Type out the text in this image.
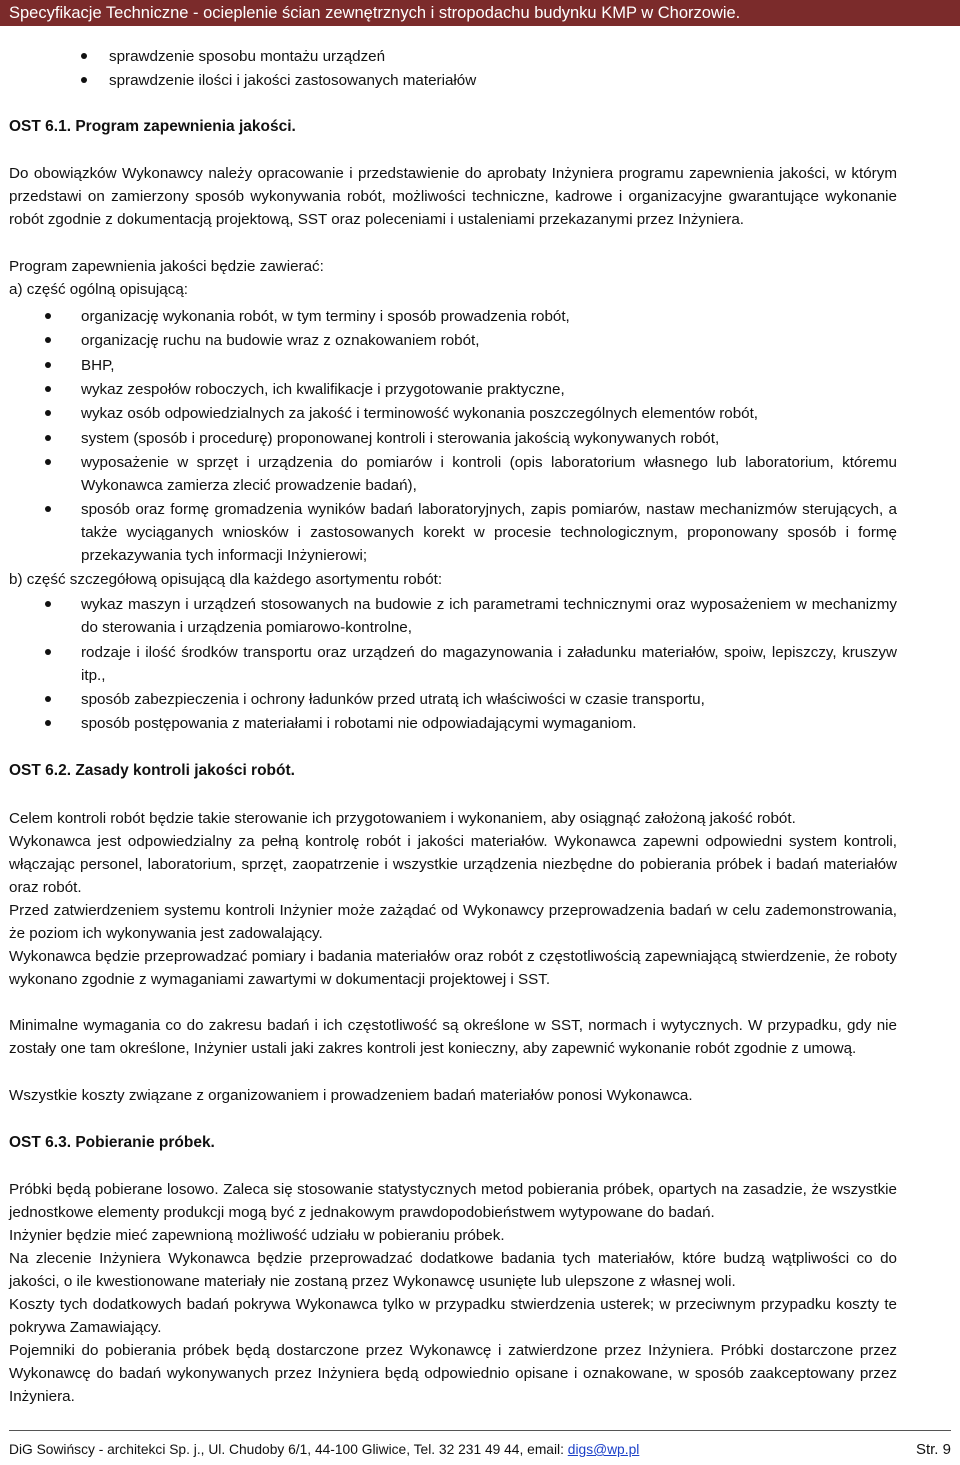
Specyfikacje Techniczne - ocieplenie ścian zewnętrznych i stropodachu budynku KMP w Chorzowie.
sprawdzenie sposobu montażu urządzeń
sprawdzenie ilości i jakości zastosowanych materiałów
OST 6.1. Program zapewnienia jakości.
Do obowiązków Wykonawcy należy opracowanie i przedstawienie do aprobaty Inżyniera programu zapewnienia jakości, w którym przedstawi on zamierzony sposób wykonywania robót, możliwości techniczne, kadrowe i organizacyjne gwarantujące wykonanie robót zgodnie z dokumentacją projektową, SST oraz poleceniami i ustaleniami przekazanymi przez Inżyniera.
Program zapewnienia jakości będzie zawierać:
a) część ogólną opisującą:
organizację wykonania robót, w tym terminy i sposób prowadzenia robót,
organizację ruchu na budowie wraz z oznakowaniem robót,
BHP,
wykaz zespołów roboczych, ich kwalifikacje i przygotowanie praktyczne,
wykaz osób odpowiedzialnych za jakość i terminowość wykonania poszczególnych elementów robót,
system (sposób i procedurę) proponowanej kontroli i sterowania jakością wykonywanych robót,
wyposażenie w sprzęt i urządzenia do pomiarów i kontroli (opis laboratorium własnego lub laboratorium, któremu Wykonawca zamierza zlecić prowadzenie badań),
sposób oraz formę gromadzenia wyników badań laboratoryjnych, zapis pomiarów, nastaw mechanizmów sterujących, a także wyciąganych wniosków i zastosowanych korekt w procesie technologicznym, proponowany sposób i formę przekazywania tych informacji Inżynierowi;
b) część szczegółową opisującą dla każdego asortymentu robót:
wykaz maszyn i urządzeń stosowanych na budowie z ich parametrami technicznymi oraz wyposażeniem w mechanizmy do sterowania i urządzenia pomiarowo-kontrolne,
rodzaje i ilość środków transportu oraz urządzeń do magazynowania i załadunku materiałów, spoiw, lepiszczy, kruszyw itp.,
sposób zabezpieczenia i ochrony ładunków przed utratą ich właściwości w czasie transportu,
sposób postępowania z materiałami i robotami nie odpowiadającymi wymaganiom.
OST 6.2. Zasady kontroli jakości robót.
Celem kontroli robót będzie takie sterowanie ich przygotowaniem i wykonaniem, aby osiągnąć założoną jakość robót.
Wykonawca jest odpowiedzialny za pełną kontrolę robót i jakości materiałów. Wykonawca zapewni odpowiedni system kontroli, włączając personel, laboratorium, sprzęt, zaopatrzenie i wszystkie urządzenia niezbędne do pobierania próbek i badań materiałów oraz robót.
Przed zatwierdzeniem systemu kontroli Inżynier może zażądać od Wykonawcy przeprowadzenia badań w celu zademonstrowania, że poziom ich wykonywania jest zadowalający.
Wykonawca będzie przeprowadzać pomiary i badania materiałów oraz robót z częstotliwością zapewniającą stwierdzenie, że roboty wykonano zgodnie z wymaganiami zawartymi w dokumentacji projektowej i SST.
Minimalne wymagania co do zakresu badań i ich częstotliwość są określone w SST, normach i wytycznych. W przypadku, gdy nie zostały one tam określone, Inżynier ustali jaki zakres kontroli jest konieczny, aby zapewnić wykonanie robót zgodnie z umową.
Wszystkie koszty związane z organizowaniem i prowadzeniem badań materiałów ponosi Wykonawca.
OST 6.3. Pobieranie próbek.
Próbki będą pobierane losowo. Zaleca się stosowanie statystycznych metod pobierania próbek, opartych na zasadzie, że wszystkie jednostkowe elementy produkcji mogą być z jednakowym prawdopodobieństwem wytypowane do badań.
Inżynier będzie mieć zapewnioną możliwość udziału w pobieraniu próbek.
Na zlecenie Inżyniera Wykonawca będzie przeprowadzać dodatkowe badania tych materiałów, które budzą wątpliwości co do jakości, o ile kwestionowane materiały nie zostaną przez Wykonawcę usunięte lub ulepszone z własnej woli.
Koszty tych dodatkowych badań pokrywa Wykonawca tylko w przypadku stwierdzenia usterek; w przeciwnym przypadku koszty te pokrywa Zamawiający.
Pojemniki do pobierania próbek będą dostarczone przez Wykonawcę i zatwierdzone przez Inżyniera. Próbki dostarczone przez Wykonawcę do badań wykonywanych przez Inżyniera będą odpowiednio opisane i oznakowane, w sposób zaakceptowany przez Inżyniera.
DiG Sowińscy - architekci Sp. j., Ul. Chudoby 6/1, 44-100 Gliwice, Tel. 32 231 49 44, email: digs@wp.pl	Str. 9
